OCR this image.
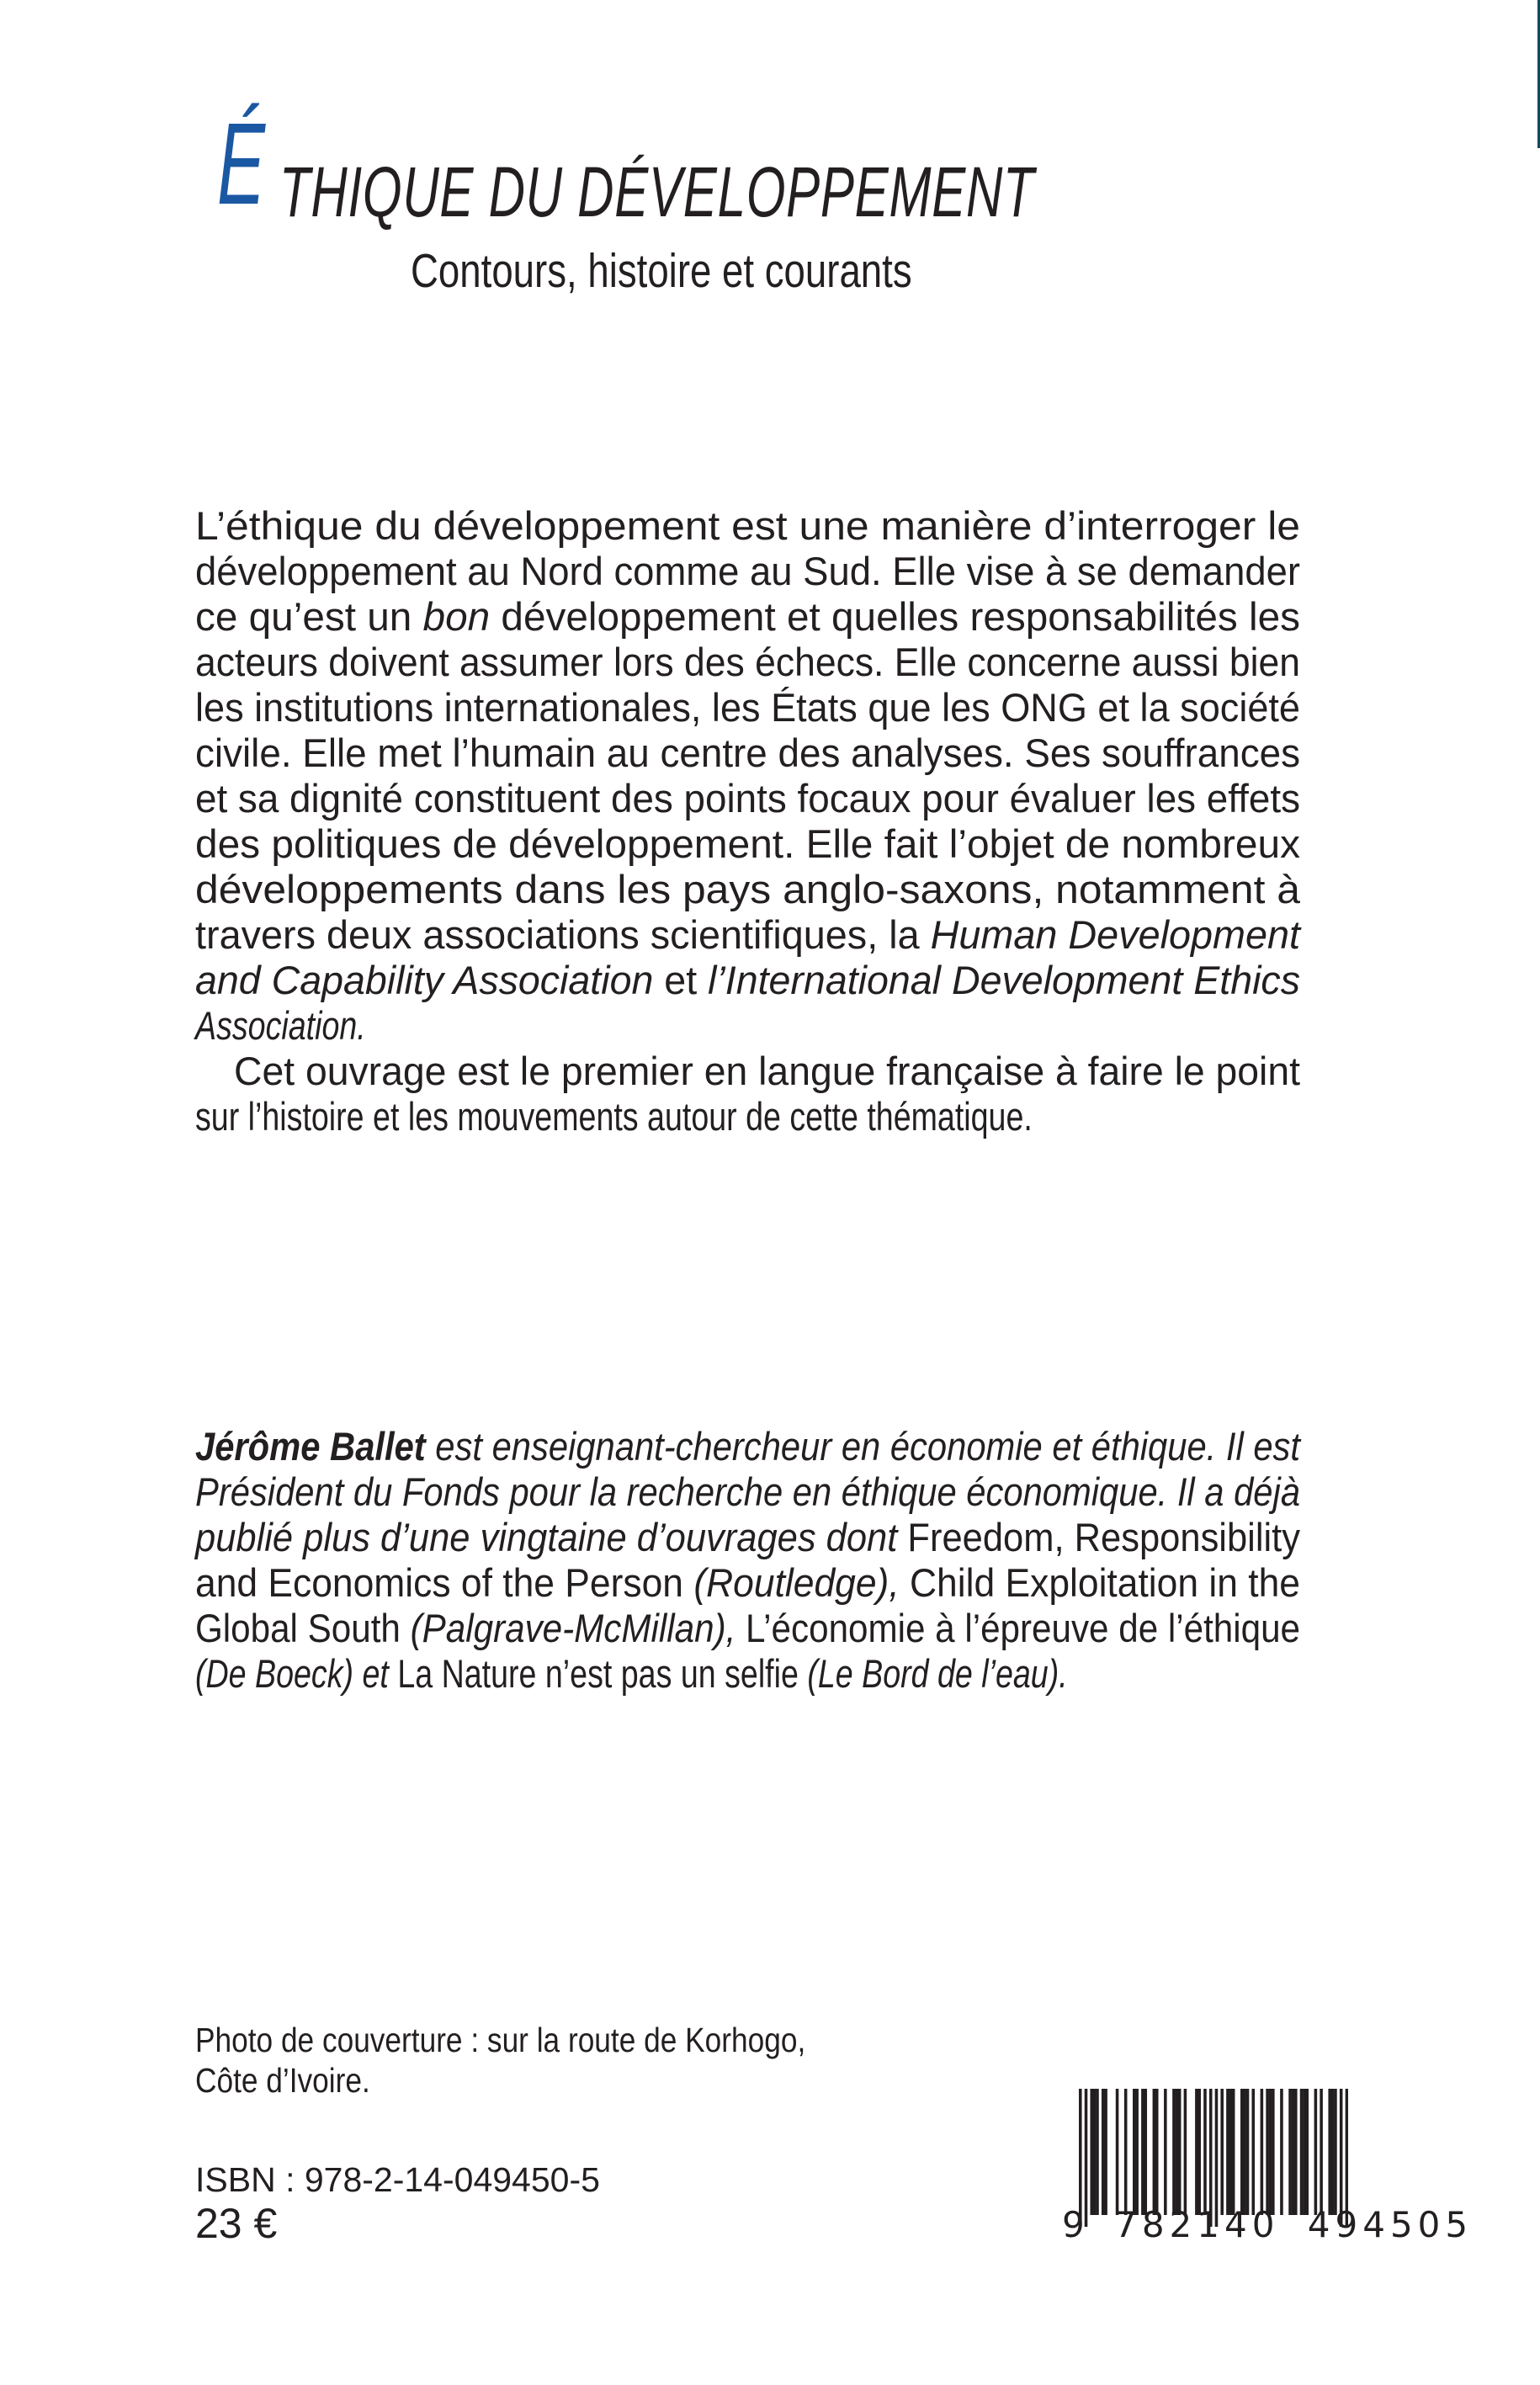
É THIQUE DU DÉVELOPPEMENT
Contours, histoire et courants
L’éthique du développement est une manière d’interroger le
développement au Nord comme au Sud. Elle vise à se demander
ce qu’est un bon développement et quelles responsabilités les
acteurs doivent assumer lors des échecs. Elle concerne aussi bien
les institutions internationales, les États que les ONG et la société
civile. Elle met l’humain au centre des analyses. Ses souffrances
et sa dignité constituent des points focaux pour évaluer les effets
des politiques de développement. Elle fait l’objet de nombreux
développements dans les pays anglo-saxons, notamment à
travers deux associations scientifiques, la Human Development
and Capability Association et l’International Development Ethics
Association.
Cet ouvrage est le premier en langue française à faire le point
sur l’histoire et les mouvements autour de cette thématique.
Jérôme Ballet est enseignant-chercheur en économie et éthique. Il est
Président du Fonds pour la recherche en éthique économique. Il a déjà
publié plus d’une vingtaine d’ouvrages dont Freedom, Responsibility
and Economics of the Person (Routledge), Child Exploitation in the
Global South (Palgrave-McMillan), L’économie à l’épreuve de l’éthique
(De Boeck) et La Nature n’est pas un selfie (Le Bord de l’eau).
Photo de couverture : sur la route de Korhogo,
Côte d’Ivoire.
ISBN : 978-2-14-049450-5
23 €	9 782140 494505
